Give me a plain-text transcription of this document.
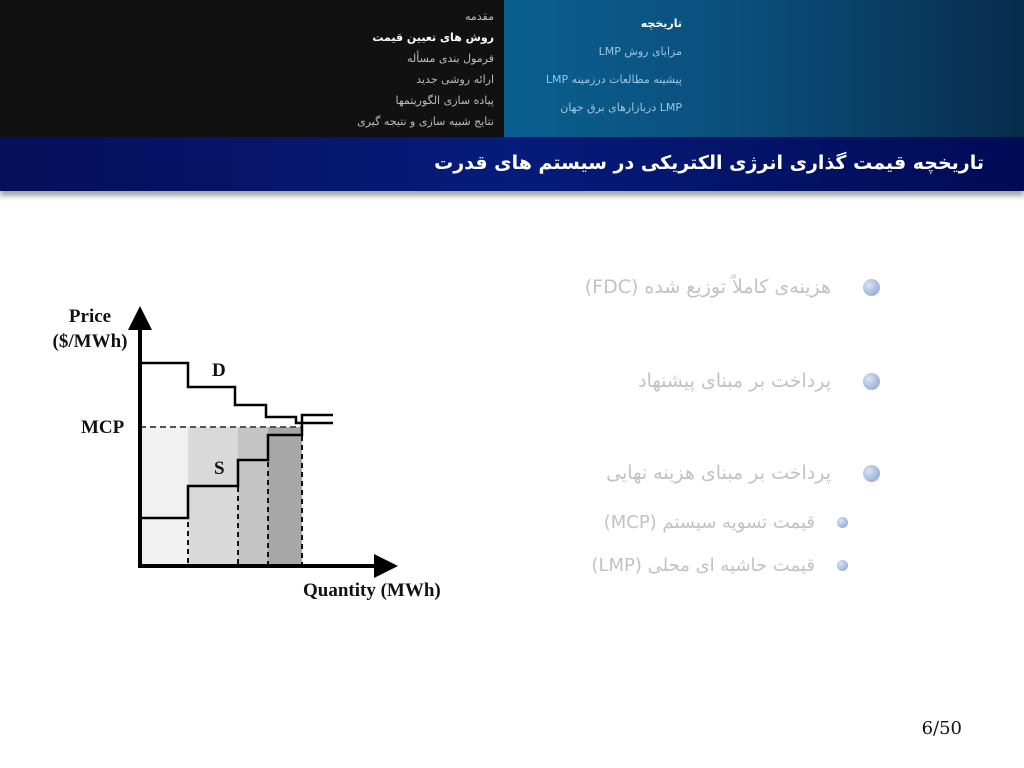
مقدمه
روش های تعیین قیمت
فرمول بندی مسأله
ارائه روشی جدید
پیاده سازی الگوریتمها
نتایج شبیه سازی و نتیجه گیری
تاریخچه
مزایای روش LMP
پیشینه مطالعات درزمینه LMP
LMP دربازارهای برق جهان
تاریخچه قیمت گذاری انرژی الکتریکی در سیستم های قدرت
هزینه‌ی کاملاً توزیع شده (FDC)
پرداخت بر مبنای پیشنهاد
پرداخت بر مبنای هزینه نهایی
قیمت تسویه سیستم (MCP)
قیمت حاشیه ای محلی (LMP)
Price
($/MWh)
MCP
D
S
Quantity (MWh)
6/50
